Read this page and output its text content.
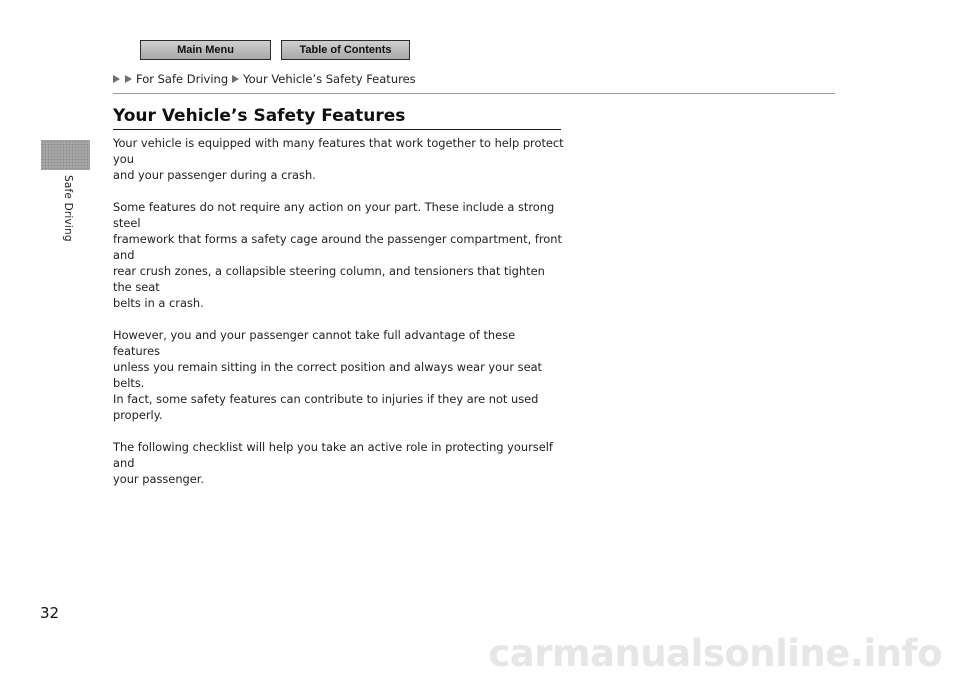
Main Menu	Table of Contents
For Safe Driving Your Vehicle’s Safety Features
Safe Driving
Your Vehicle’s Safety Features

Your vehicle is equipped with many features that work together to help protect you
and your passenger during a crash.

Some features do not require any action on your part. These include a strong steel
framework that forms a safety cage around the passenger compartment, front and
rear crush zones, a collapsible steering column, and tensioners that tighten the seat
belts in a crash.

However, you and your passenger cannot take full advantage of these features
unless you remain sitting in the correct position and always wear your seat belts.
In fact, some safety features can contribute to injuries if they are not used properly.

The following checklist will help you take an active role in protecting yourself and
your passenger.

32
carmanualsonline.info
